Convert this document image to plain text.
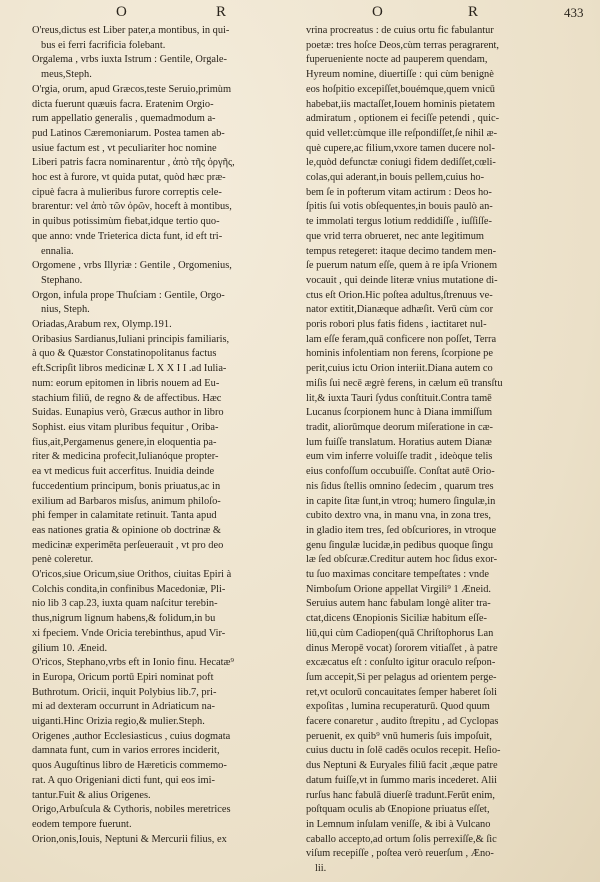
O	R	O	R	433
O'reus,dictus est Liber pater,a montibus, in qui-
bus ei ferri facrificia folebant.
Orgalema , vrbs iuxta Istrum : Gentile, Orgale-
meus,Steph.
O'rgia, orum, apud Græcos,teste Seruio,primùm
dicta fuerunt quæuis facra. Eratenim Orgio-
rum appellatio generalis , quemadmodum a-
pud Latinos Cæremoniarum. Postea tamen ab-
usiue factum est , vt peculiariter hoc nomine
Liberi patris facra nominarentur , ἀπὸ τῆς ὀργῆς,
hoc est à furore, vt quida putat, quòd hæc præ-
cipuè facra à mulieribus furore correptis cele-
brarentur: vel ἀπὸ τῶν ὀρῶν, hoceft à montibus,
in quibus potissimùm fiebat,idque tertio quo-
que anno: vnde Trieterica dicta funt, id eft tri-
ennalia.
Orgomene , vrbs Illyriæ : Gentile , Orgomenius,
Stephano.
Orgon, infula prope Thuſciam : Gentile, Orgo-
nius, Steph.
Oriadas,Arabum rex, Olymp.191.
Oribasius Sardianus,Iuliani principis familiaris,
à quo & Quæstor Constatinopolitanus factus
eft.Scripſit libros medicinæ L X X I I .ad Iulia-
num: eorum epitomen in libris nouem ad Eu-
stachium filiū, de regno & de affectibus. Hæc
Suidas. Eunapius verò, Græcus author in libro
Sophist. eius vitam pluribus fequitur , Oriba-
fius,ait,Pergamenus genere,in eloquentia pa-
riter & medicina profecit,Iulianóque propter-
ea vt medicus fuit accerfitus. Inuidia deinde
fuccedentium principum, bonis priuatus,ac in
exilium ad Barbaros misſus, animum philoſo-
phi femper in calamitate retinuit. Tanta apud
eas nationes gratia & opinione ob doctrinæ &
medicinæ experimēta perſeuerauit , vt pro deo
penè coleretur.
O'ricos,siue Oricum,siue Orithos, ciuitas Epiri à
Colchis condita,in confinibus Macedoniæ, Pli-
nio lib 3 cap.23, iuxta quam naſcitur terebin-
thus,nigrum lignum habens,& folidum,in bu
xi fpeciem. Vnde Oricia terebinthus, apud Vir-
gilium 10. Æneid.
O'ricos, Stephano,vrbs eft in Ionio finu. Hecatæ⁹
in Europa, Oricum portū Epiri nominat poft
Buthrotum. Oricii, inquit Polybius lib.7, pri-
mi ad dexteram occurrunt in Adriaticum na-
uiganti.Hinc Orizia regio,& mulier.Steph.
Origenes ,author Ecclesiasticus , cuius dogmata
damnata funt, cum in varios errores inciderit,
quos Auguſtinus libro de Hæreticis commemo-
rat. A quo Origeniani dicti funt, qui eos imi-
tantur.Fuit & alius Origenes.
Origo,Arbuſcula & Cythoris, nobiles meretrices
eodem tempore fuerunt.
Orion,onis,Iouis, Neptuni & Mercurii filius, ex
vrina procreatus : de cuius ortu fic fabulantur
poetæ: tres hoſce Deos,cùm terras peragrarent,
fuperueniente nocte ad pauperem quendam,
Hyreum nomine, diuertiſſe : qui cùm benignè
eos hoſpitio excepiſſet,bouémque,quem vnicū
habebat,iis mactaſſet,Iouem hominis pietatem
admiratum , optionem ei feciſſe petendi , quic-
quid vellet:cùmque ille reſpondiſſet,ſe nihil æ-
què cupere,ac filium,vxore tamen ducere nol-
le,quòd defunctæ coniugi fidem dediſſet,cœli-
colas,qui aderant,in bouis pellem,cuius ho-
bem ſe in pofterum vitam actirum : Deos ho-
ſpitis ſui votis obſequentes,in bouis paulò an-
te immolati tergus lotium reddidiſſe , iuſſiſſe-
que vrid terra obrueret, nec ante legitimum
tempus retegeret: itaque decimo tandem men-
ſe puerum natum eſſe, quem à re ipſa Vrionem
vocauit , qui deinde literæ vnius mutatione di-
ctus eſt Orion.Hic poſtea adultus,ſtrenuus ve-
nator extitit,Dianæque adhæſit. Verū cùm cor
poris robori plus fatis fidens , iactitaret nul-
lam eſſe feram,quā conficere non poſſet, Terra
hominis infolentiam non ferens, ſcorpione pe
perit,cuius ictu Orion interiit.Diana autem co
miſis ſui necē ægrè ferens, in cælum eū transſtu
lit,& iuxta Tauri ſydus conſtituit.Contra tamē
Lucanus ſcorpionem hunc à Diana immiſſum
tradit, aliorūmque deorum miſeratione in cæ-
lum fuiſſe translatum. Horatius autem Dianæ
eum vim inferre voluiſſe tradit , ideòque telis
eius confoſſum occubuiſſe. Conſtat autē Orio-
nis ſidus ſtellis omnino ſedecim , quarum tres
in capite ſitæ ſunt,in vtroq; humero ſingulæ,in
cubito dextro vna, in manu vna, in zona tres,
in gladio item tres, ſed obſcuriores, in vtroque
genu ſingulæ lucidæ,in pedibus quoque ſingu
læ ſed obſcuræ.Creditur autem hoc ſidus exor-
tu ſuo maximas concitare tempeſtates : vnde
Nimboſum Orione appellat Virgili⁹ 1 Æneid.
Seruius autem hanc fabulam longè aliter tra-
ctat,dicens Œnopionis Siciliæ habitum eſſe-
liū,qui cùm Cadiopen(quā Chriſtophorus Lan
dinus Meropē vocat) ſororem vitiaſſet , à patre
excæcatus eſt : conſulto igitur oraculo reſpon-
ſum accepit,Si per pelagus ad orientem perge-
ret,vt oculorū concauitates ſemper haberet ſoli
expoſitas , lumina recuperaturū. Quod quum
facere conaretur , audito ſtrepitu , ad Cyclopas
peruenit, ex quib⁹ vnū humeris ſuis impoſuit,
cuius ductu in ſolē cadēs oculos recepit. Heſio-
dus Neptuni & Euryales filiū facit ,æque patre
datum fuiſſe,vt in ſummo maris incederet. Alii
rurſus hanc fabulā diuerſè tradunt.Ferūt enim,
poſtquam oculis ab Œnopione priuatus eſſet,
in Lemnum inſulam veniſſe, & ibi à Vulcano
caballo accepto,ad ortum ſolis perrexiſſe,& ſic
viſum recepiſſe , poſtea verò reuerſum , Æno-
lii.
